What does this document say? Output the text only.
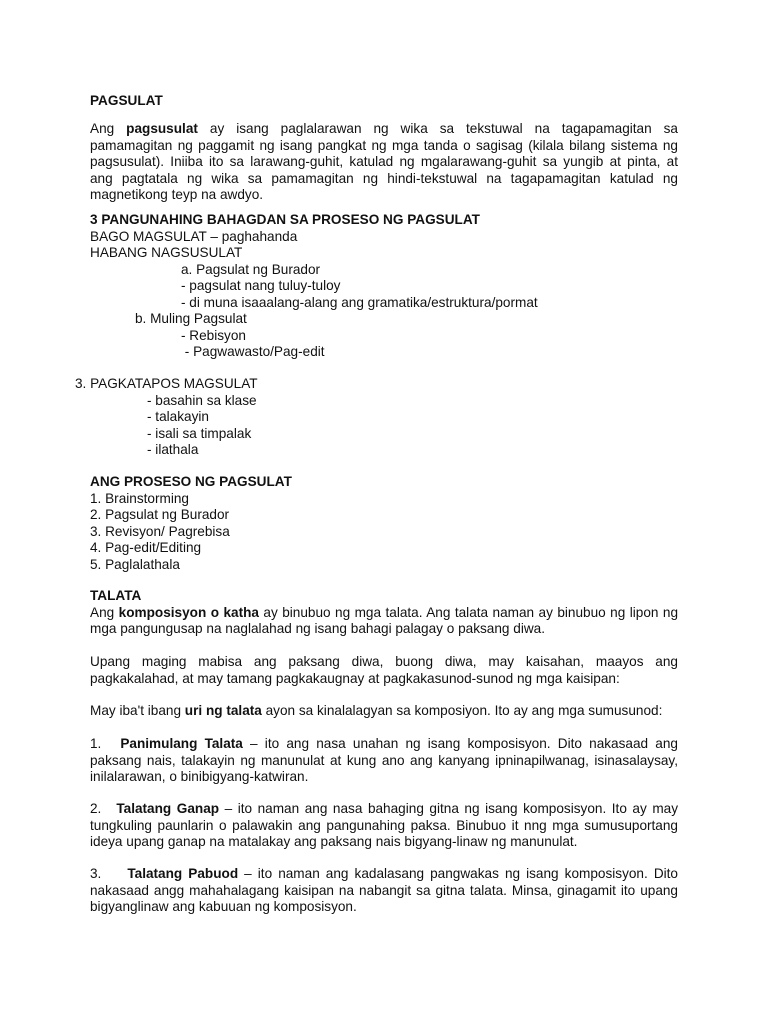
PAGSULAT
Ang pagsusulat ay isang paglalarawan ng wika sa tekstuwal na tagapamagitan sa
pamamagitan ng paggamit ng isang pangkat ng mga tanda o sagisag (kilala bilang sistema ng
pagsusulat). Iniiba ito sa larawang-guhit, katulad ng mgalarawang-guhit sa yungib at pinta, at
ang pagtatala ng wika sa pamamagitan ng hindi-tekstuwal na tagapamagitan katulad ng
magnetikong teyp na awdyo.
3 PANGUNAHING BAHAGDAN SA PROSESO NG PAGSULAT
BAGO MAGSULAT – paghahanda
HABANG NAGSUSULAT
a. Pagsulat ng Burador
- pagsulat nang tuluy-tuloy
- di muna isaaalang-alang ang gramatika/estruktura/pormat
b. Muling Pagsulat
- Rebisyon
- Pagwawasto/Pag-edit
3. PAGKATAPOS MAGSULAT
- basahin sa klase
- talakayin
- isali sa timpalak
- ilathala
ANG PROSESO NG PAGSULAT
1. Brainstorming
2. Pagsulat ng Burador
3. Revisyon/ Pagrebisa
4. Pag-edit/Editing
5. Paglalathala
TALATA
Ang komposisyon o katha ay binubuo ng mga talata. Ang talata naman ay binubuo ng lipon ng
mga pangungusap na naglalahad ng isang bahagi palagay o paksang diwa.
Upang maging mabisa ang paksang diwa, buong diwa, may kaisahan, maayos ang
pagkakalahad, at may tamang pagkakaugnay at pagkakasunod-sunod ng mga kaisipan:
May iba't ibang uri ng talata ayon sa kinalalagyan sa komposiyon. Ito ay ang mga sumusunod:
1. Panimulang Talata – ito ang nasa unahan ng isang komposisyon. Dito nakasaad ang
paksang nais, talakayin ng manunulat at kung ano ang kanyang ipninapilwanag, isinasalaysay,
inilalarawan, o binibigyang-katwiran.
2. Talatang Ganap – ito naman ang nasa bahaging gitna ng isang komposisyon. Ito ay may
tungkuling paunlarin o palawakin ang pangunahing paksa. Binubuo it nng mga sumusuportang
ideya upang ganap na matalakay ang paksang nais bigyang-linaw ng manunulat.
3. Talatang Pabuod – ito naman ang kadalasang pangwakas ng isang komposisyon. Dito
nakasaad angg mahahalagang kaisipan na nabangit sa gitna talata. Minsa, ginagamit ito upang
bigyanglinaw ang kabuuan ng komposisyon.
